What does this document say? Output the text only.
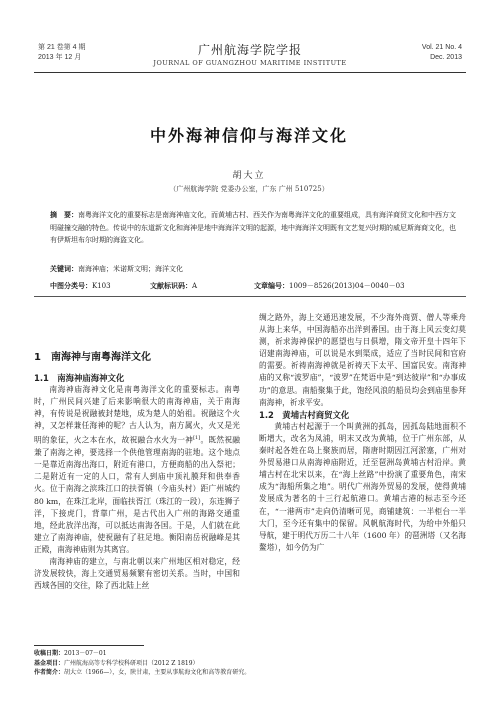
第 21 卷第 4 期
2013 年 12 月
广州航海学院学报
JOURNAL OF GUANGZHOU MARITIME INSTITUTE
Vol. 21 No. 4
Dec. 2013
中外海神信仰与海洋文化
胡大立
（广州航海学院 党委办公室，广东 广州 510725）

摘　要：南粤海洋文化的重要标志是南海神庙文化，而黄埔古村、西关作为南粤海洋文化的重要组成，具有海洋商贸文化和中西方文明碰撞交融的特色。传说中的东道新文化和海神是地中海海洋文明的起源，地中海海洋文明既有文艺复兴时期的威尼斯海商文化，也有伊斯坦布尔时期的海盗文化。

关键词：南海神庙；米诺斯文明；海洋文化
中图分类号：K103	文献标识码：A	文章编号：1009－8526(2013)04－0040－03
1　南海神与南粤海洋文化

1.1　南海神庙海神文化

南海神庙海神文化是南粤海洋文化的重要标志。南粤时，广州民间兴建了后来影响很大的南海神庙，关于南海神，有传说是祝融被封楚地，成为楚人的始祖。祝融这个火神，又怎样兼任海神的呢？古人认为，南方属火，火又是光明的象征，火之本在水，故祝融合水火为一神[1]。既然祝融兼了南海之神，要选择一个供他管理南海的驻地。这个地点一是靠近南海出海口，附近有港口，方便商船的出入祭祀；二是附近有一定的人口，常有人到庙中顶礼膜拜和供奉香火。位于南海之滨珠江口的扶胥镇（今庙头村）距广州城约 80 km，在珠江北岸，面临扶胥江（珠江的一段），东连狮子洋，下接虎门，背靠广州，是古代出入广州的海路交通重地，经此放洋出海，可以抵达南海各国。于是，人们就在此建立了南海神庙，使祝融有了驻足地。衡阳南岳祝融峰是其正殿，南海神庙则为其离宫。

南海神庙的建立，与南北朝以来广州地区相对稳定，经济发展较快，海上交通贸易频繁有密切关系。当时，中国和西域各国的交往，除了西北陆上丝

绸之路外，海上交通迅速发展，不少海外商贾、僧人等乘舟从海上来华，中国海船亦出洋到番国。由于海上风云变幻莫测，祈求海神保护的愿望也与日俱增，隋文帝开皇十四年下诏建南海神庙，可以说是水到渠成，适应了当时民间和官府的需要。祈祷南海神就是祈祷天下太平、国富民安。南海神庙的又称“波罗庙”，“波罗”在梵语中是“到达彼岸”和“办事成功”的意思。南船聚集于此，饱经风浪的船员均会到庙里参拜南海神，祈求平安。

1.2　黄埔古村商贸文化

黄埔古村起源于一个叫黄洲的孤岛，因孤岛陆地面积不断增大，改名为凤浦，明末又改为黄埔，位于广州东部，从秦时起各姓在岛上聚族而居，隋唐时期因江河淤塞，广州对外贸易港口从南海神庙附近，迁至琶洲岛黄埔古村沿岸。黄埔古村在北宋以来，在“海上丝路”中扮演了重要角色，南宋成为“海船所集之地”。明代广州海外贸易的发展，使得黄埔发展成为著名的十三行起航港口。黄埔古港的标志至今还在，“一港两市”走向仍清晰可见，商铺建筑：一半柜台一半大门，至今还有集中的保留。风帆航海时代，为给中外船只导航，建于明代万历二十八年（1600 年）的琶洲塔（又名海鳌塔），如今仍为广

收稿日期：2013－07－01
基金项目：广州航海高等专科学校科研项目（2012 Z 1819）
作者简介：胡大立（1966—），女，陕甘肃，主要从事航海文化和高等教育研究。
